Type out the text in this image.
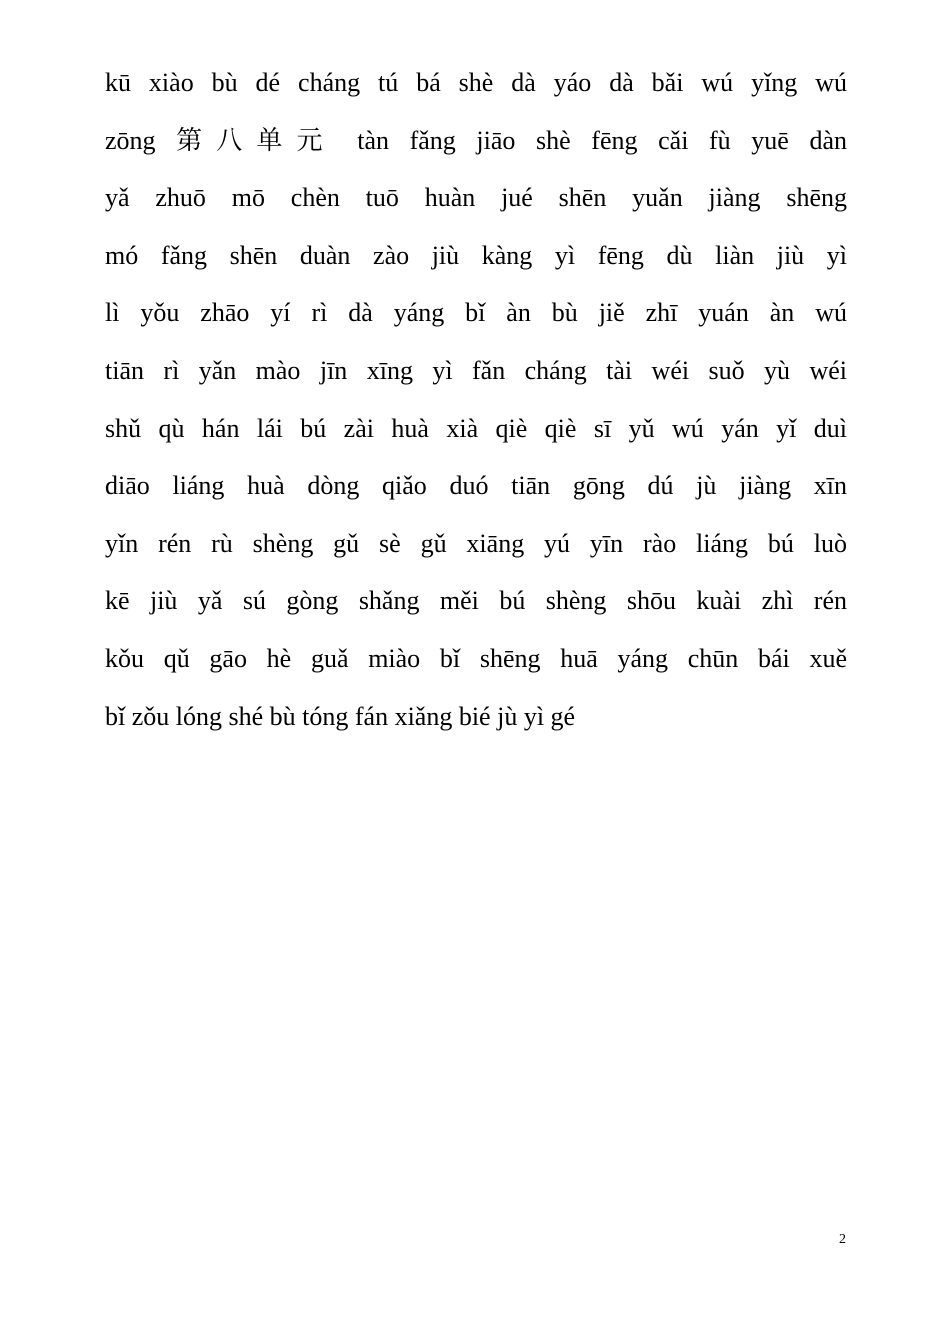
kū xiào bù dé cháng tú bá shè dà yáo dà bǎi wú yǐng wú
zōng 第八单元 tàn fǎng jiāo shè fēng cǎi fù yuē dàn
yǎ zhuō mō chèn tuō huàn jué shēn yuǎn jiàng shēng
mó fǎng shēn duàn zào jiù kàng yì fēng dù liàn jiù yì
lì yǒu zhāo yí rì dà yáng bǐ àn bù jiě zhī yuán àn wú
tiān rì yǎn mào jīn xīng yì fǎn cháng tài wéi suǒ yù wéi
shǔ qù hán lái bú zài huà xià qiè qiè sī yǔ wú yán yǐ duì
diāo liáng huà dòng qiǎo duó tiān gōng dú jù jiàng xīn
yǐn rén rù shèng gǔ sè gǔ xiāng yú yīn rào liáng bú luò
kē jiù yǎ sú gòng shǎng měi bú shèng shōu kuài zhì rén
kǒu qǔ gāo hè guǎ miào bǐ shēng huā yáng chūn bái xuě
bǐ zǒu lóng shé bù tóng fán xiǎng bié jù yì gé
2
